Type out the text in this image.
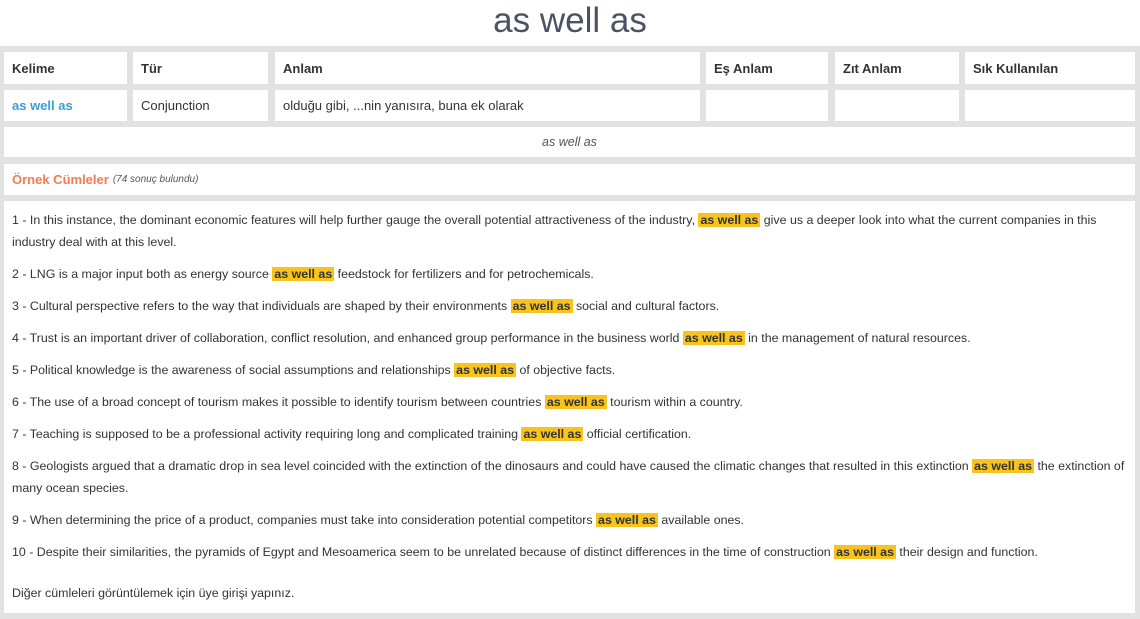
as well as
Kelime	Tür	Anlam	Eş Anlam	Zıt Anlam	Sık Kullanılan
as well as	Conjunction	olduğu gibi, ...nin yanısıra, buna ek olarak
as well as
Örnek Cümleler (74 sonuç bulundu)
1 - In this instance, the dominant economic features will help further gauge the overall potential attractiveness of the industry, as well as give us a deeper look into what the current companies in this industry deal with at this level.
2 - LNG is a major input both as energy source as well as feedstock for fertilizers and for petrochemicals.
3 - Cultural perspective refers to the way that individuals are shaped by their environments as well as social and cultural factors.
4 - Trust is an important driver of collaboration, conflict resolution, and enhanced group performance in the business world as well as in the management of natural resources.
5 - Political knowledge is the awareness of social assumptions and relationships as well as of objective facts.
6 - The use of a broad concept of tourism makes it possible to identify tourism between countries as well as tourism within a country.
7 - Teaching is supposed to be a professional activity requiring long and complicated training as well as official certification.
8 - Geologists argued that a dramatic drop in sea level coincided with the extinction of the dinosaurs and could have caused the climatic changes that resulted in this extinction as well as the extinction of many ocean species.
9 - When determining the price of a product, companies must take into consideration potential competitors as well as available ones.
10 - Despite their similarities, the pyramids of Egypt and Mesoamerica seem to be unrelated because of distinct differences in the time of construction as well as their design and function.
Diğer cümleleri görüntülemek için üye girişi yapınız.
